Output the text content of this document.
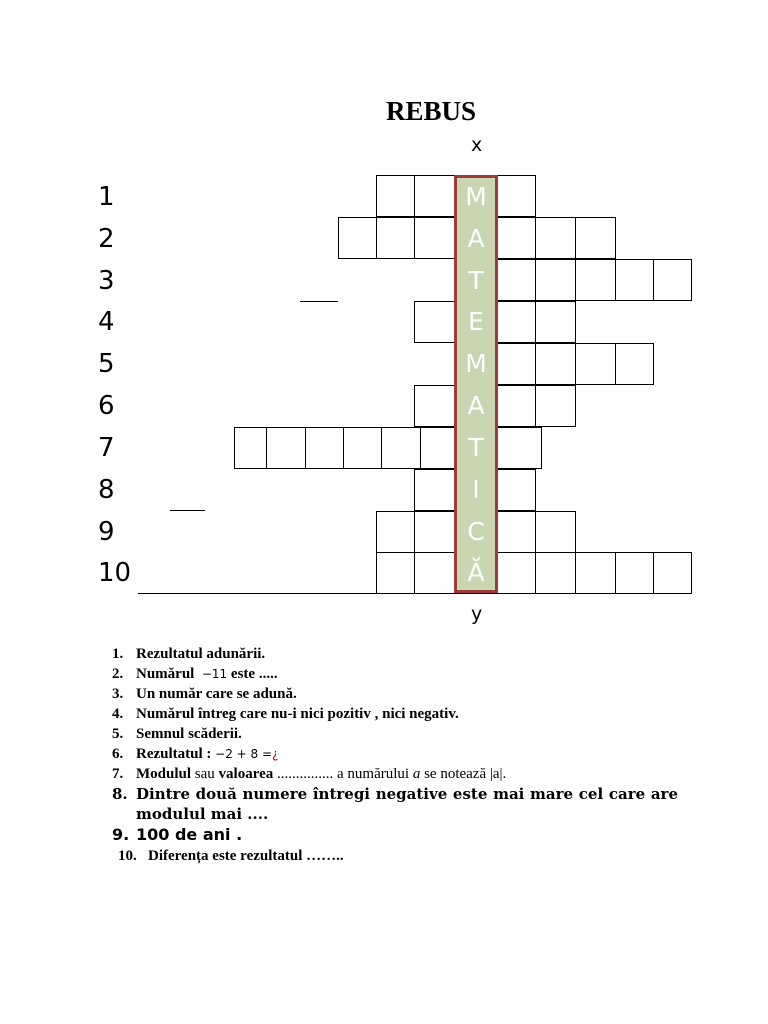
REBUS
x
y
1
2
3
4
5
6
7
8
9
10
M
A
T
E
M
A
T
I
C
Ă
1. Rezultatul adunării.
2. Numărul −11 este .....
3. Un număr care se adună.
4. Numărul întreg care nu-i nici pozitiv , nici negativ.
5. Semnul scăderii.
6. Rezultatul : −2 + 8 =¿
7. Modulul sau valoarea ............... a numărului a se notează |a|.
8. Dintre două numere întregi negative este mai mare cel care are modulul mai ....
9. 100 de ani .
10. Diferența este rezultatul ……..
